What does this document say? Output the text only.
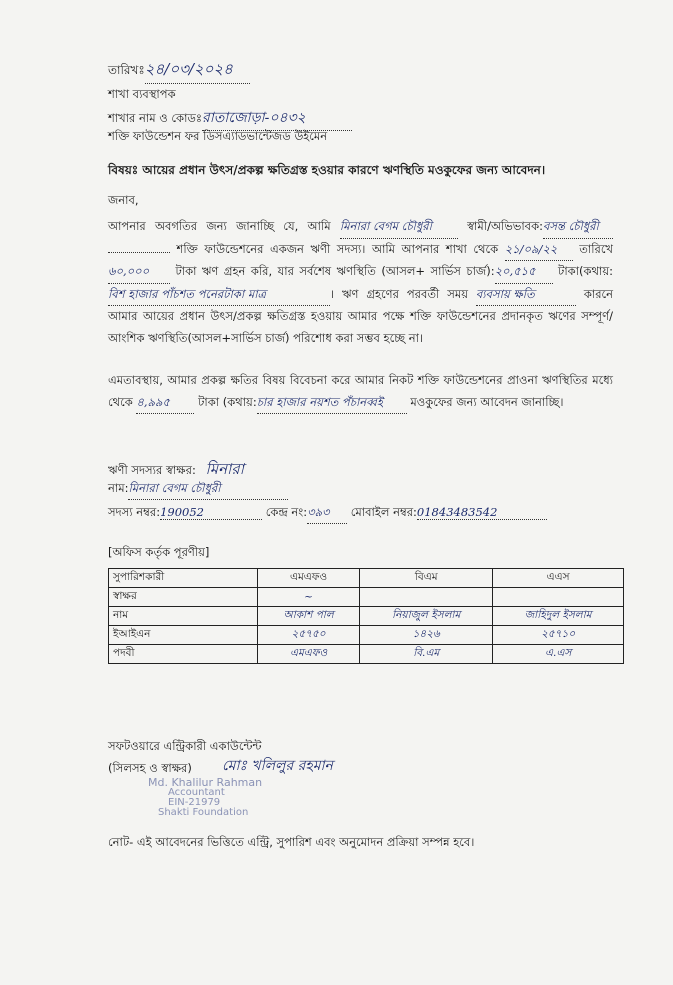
তারিখঃ২৪/০৩/২০২৪
শাখা ব্যবস্থাপক
শাখার নাম ও কোডঃরাতাজোড়া-০৪৩২
শক্তি ফাউন্ডেশন ফর ডিসএ্যাডভান্টেজড উইমেন
বিষয়ঃ আয়ের প্রধান উৎস/প্রকল্প ক্ষতিগ্রস্ত হওয়ার কারণে ঋণস্থিতি মওকুফের জন্য আবেদন।
জনাব,
আপনার অবগতির জন্য জানাচ্ছি যে, আমি মিনারা বেগম চৌধুরী	স্বামী/অভিভাবক:বসন্ত চৌধুরী  শক্তি ফাউন্ডেশনের একজন ঋণী সদস্য। আমি আপনার শাখা থেকে ২১/০৯/২২ তারিখে ৬০,০০০ টাকা ঋণ গ্রহন করি, যার সর্বশেষ ঋণস্থিতি (আসল+ সার্ভিস চার্জ):২০,৫১৫ টাকা(কথায়:বিশ হাজার পাঁচশত পনেরটাকা মাত্র	। ঋণ গ্রহণের পরবর্তী সময় ব্যবসায় ক্ষতি	কারনে আমার আয়ের প্রধান উৎস/প্রকল্প ক্ষতিগ্রস্ত হওয়ায় আমার পক্ষে শক্তি ফাউন্ডেশনের প্রদানকৃত ঋণের সম্পূর্ণ/আংশিক ঋণস্থিতি(আসল+সার্ভিস চার্জ) পরিশোধ করা সম্ভব হচ্ছে না।
এমতাবস্থায়, আমার প্রকল্প ক্ষতির বিষয় বিবেচনা করে আমার নিকট শক্তি ফাউন্ডেশনের প্রাওনা ঋণস্থিতির মধ্যে থেকে ৪,৯৯৫ টাকা (কথায়:চার হাজার নয়শত পঁচানব্বই মওকুফের জন্য আবেদন জানাচ্ছি।
ঋণী সদস্যর স্বাক্ষর: মিনারা
নাম:মিনারা বেগম চৌধুরী
সদস্য নম্বর:190052	কেন্দ্র নং:৩৯৩ মোবাইল নম্বর:01843483542
[অফিস কর্তৃক পূরণীয়]
সুপারিশকারী	এমএফও	বিএম	এএস
স্বাক্ষর	~		
নাম	আকাশ পাল	নিয়াজুল ইসলাম	জাহিদুল ইসলাম
ইআইএন	২৫৭৫০	১৪২৬	২৫৭১০
পদবী	এমএফও	বি.এম	এ.এস
সফটওয়ারে এন্ট্রিকারী একাউন্টেন্ট
(সিলসহ ও স্বাক্ষর) মোঃ খলিলুর রহমান
Md. Khalilur Rahman
Accountant
EIN-21979
Shakti Foundation
নোট- এই আবেদনের ভিত্তিতে এন্ট্রি, সুপারিশ এবং অনুমোদন প্রক্রিয়া সম্পন্ন হবে।
